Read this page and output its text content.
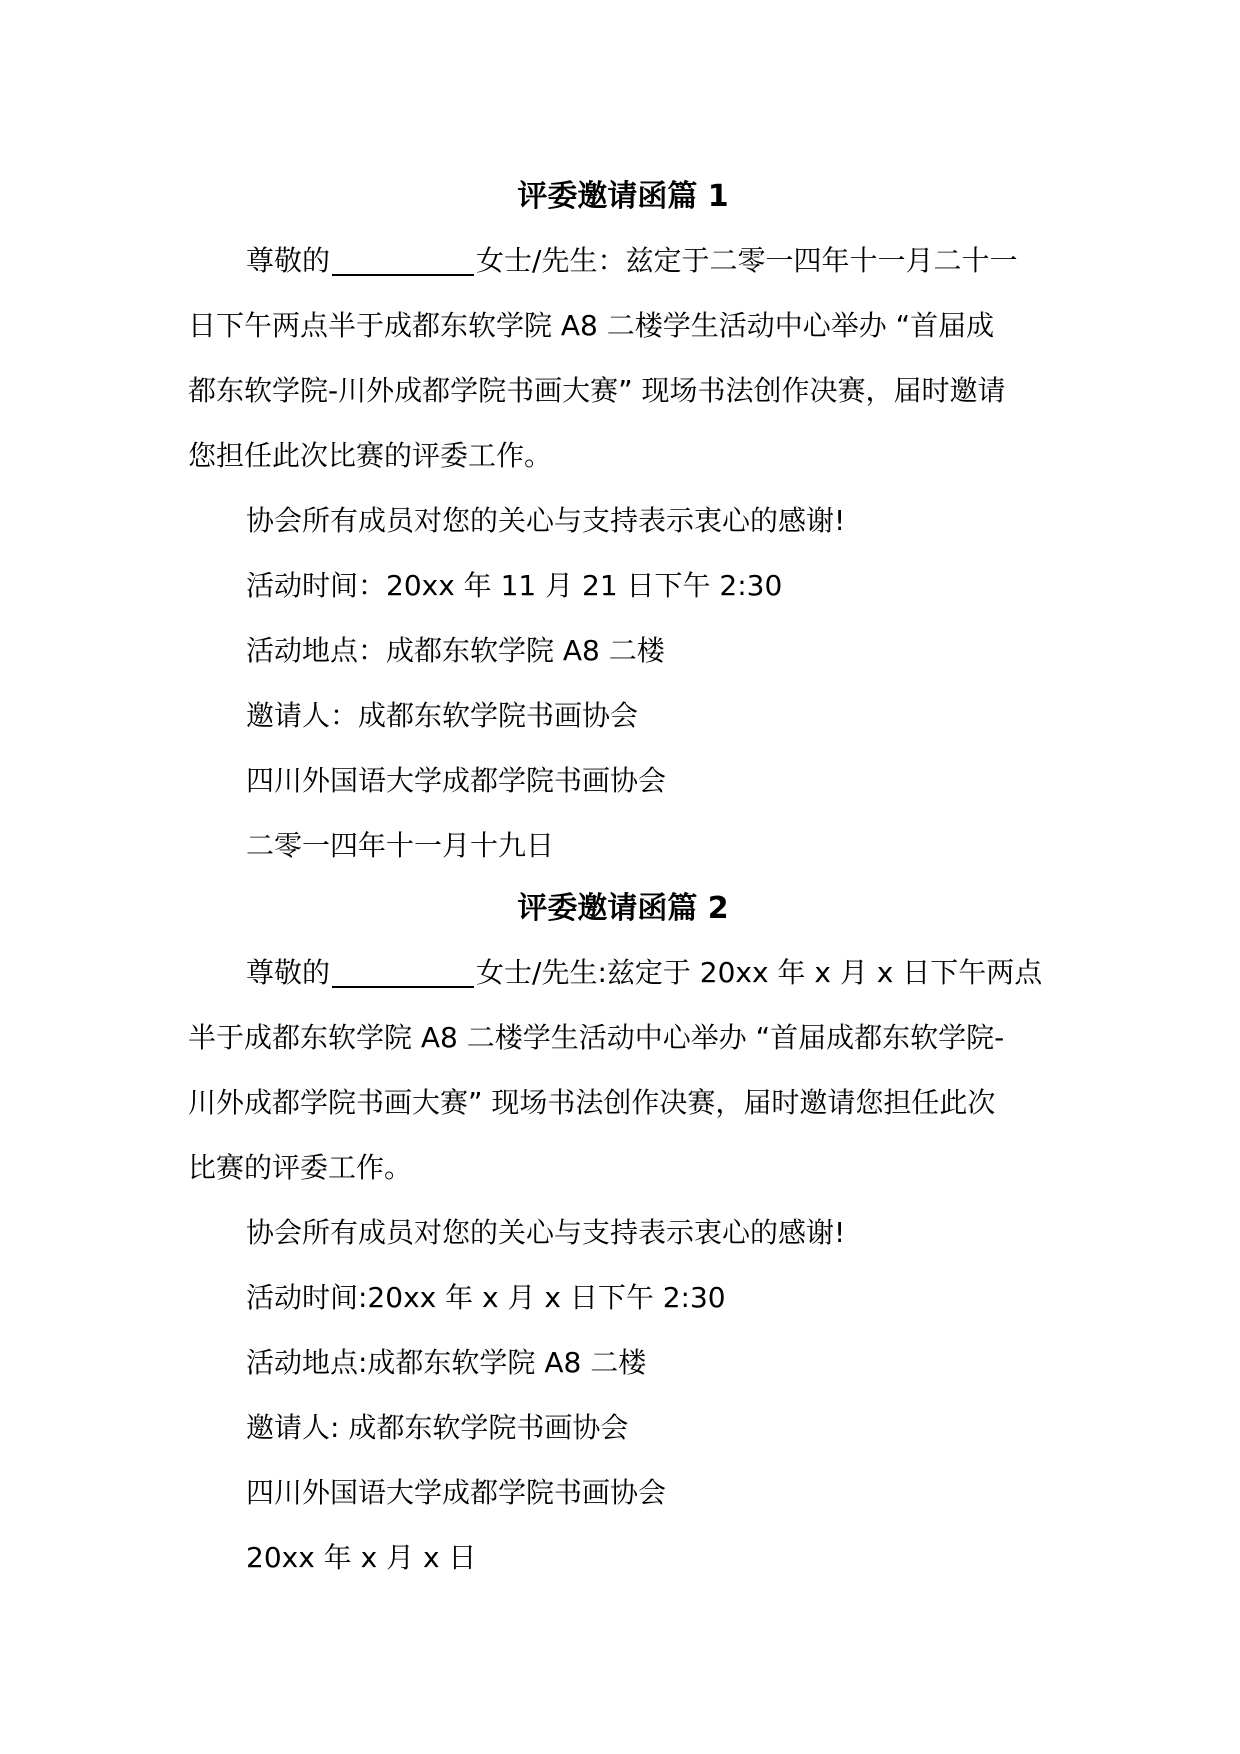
评委邀请函篇 1
尊敬的	女士/先生：兹定于二零一四年十一月二十一
日下午两点半于成都东软学院 A8 二楼学生活动中心举办 “首届成
都东软学院-川外成都学院书画大赛” 现场书法创作决赛，届时邀请
您担任此次比赛的评委工作。
协会所有成员对您的关心与支持表示衷心的感谢!
活动时间：20xx 年 11 月 21 日下午 2:30
活动地点：成都东软学院 A8 二楼
邀请人：成都东软学院书画协会
四川外国语大学成都学院书画协会
二零一四年十一月十九日
评委邀请函篇 2
尊敬的	女士/先生:兹定于 20xx 年 x 月 x 日下午两点
半于成都东软学院 A8 二楼学生活动中心举办 “首届成都东软学院-
川外成都学院书画大赛” 现场书法创作决赛，届时邀请您担任此次
比赛的评委工作。
协会所有成员对您的关心与支持表示衷心的感谢!
活动时间:20xx 年 x 月 x 日下午 2:30
活动地点:成都东软学院 A8 二楼
邀请人: 成都东软学院书画协会
四川外国语大学成都学院书画协会
20xx 年 x 月 x 日
